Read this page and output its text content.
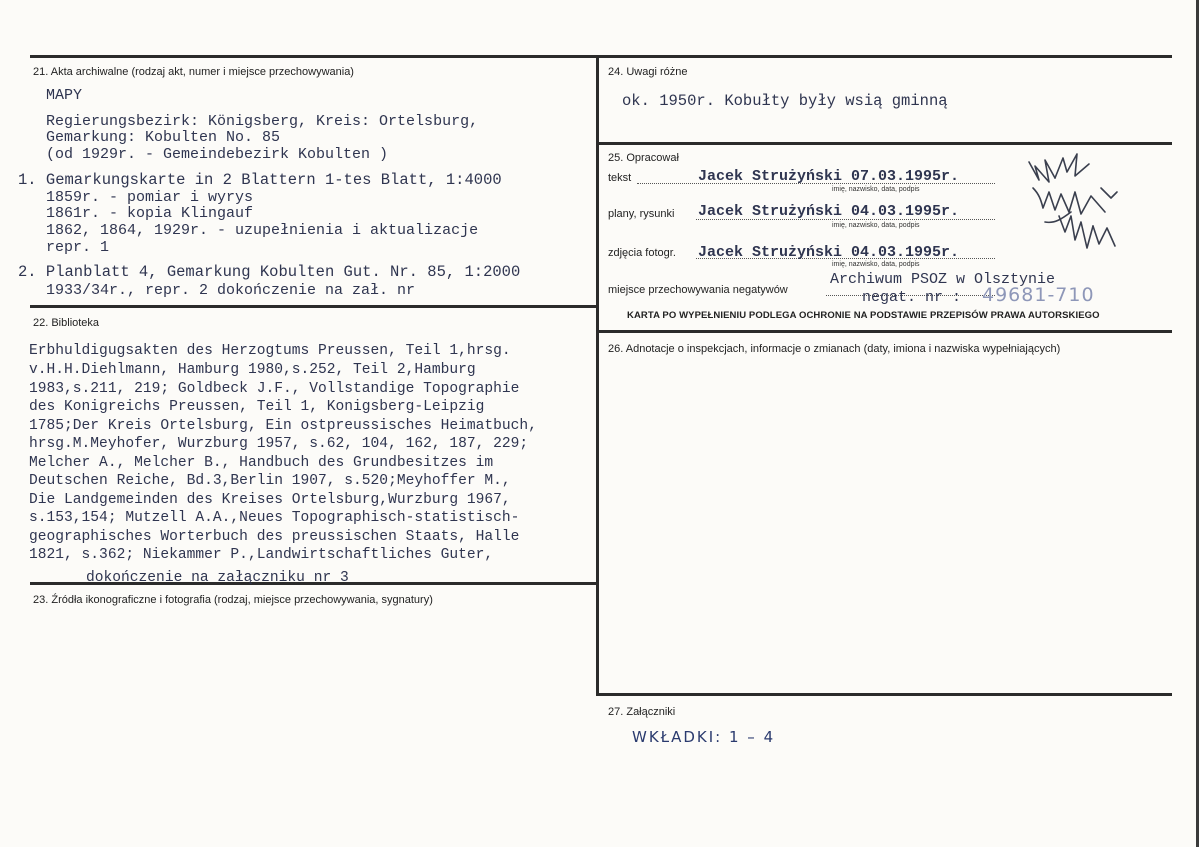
21. Akta archiwalne (rodzaj akt, numer i miejsce przechowywania)
MAPY
Regierungsbezirk: Königsberg, Kreis: Ortelsburg,
Gemarkung: Kobulten No. 85
(od 1929r. - Gemeindebezirk Kobulten )
1. Gemarkungskarte in 2 Blattern 1-tes Blatt, 1:4000
1859r. - pomiar i wyrys
1861r. - kopia Klingauf
1862, 1864, 1929r. - uzupełnienia i aktualizacje
repr. 1
2. Planblatt 4, Gemarkung Kobulten Gut. Nr. 85, 1:2000
1933/34r., repr. 2 dokończenie na zał. nr
22. Biblioteka
Erbhuldigugsakten des Herzogtums Preussen, Teil 1,hrsg.
v.H.H.Diehlmann, Hamburg 1980,s.252, Teil 2,Hamburg
1983,s.211, 219; Goldbeck J.F., Vollstandige Topographie
des Konigreichs Preussen, Teil 1, Konigsberg-Leipzig
1785;Der Kreis Ortelsburg, Ein ostpreussisches Heimatbuch,
hrsg.M.Meyhofer, Wurzburg 1957, s.62, 104, 162, 187, 229;
Melcher A., Melcher B., Handbuch des Grundbesitzes im
Deutschen Reiche, Bd.3,Berlin 1907, s.520;Meyhoffer M.,
Die Landgemeinden des Kreises Ortelsburg,Wurzburg 1967,
s.153,154; Mutzell A.A.,Neues Topographisch-statistisch-
geographisches Worterbuch des preussischen Staats, Halle
1821, s.362; Niekammer P.,Landwirtschaftliches Guter,
dokończenie na załączniku nr 3
23. Źródła ikonograficzne i fotografia (rodzaj, miejsce przechowywania, sygnatury)
24. Uwagi różne
ok. 1950r. Kobułty były wsią gminną
25. Opracował
tekst	Jacek Strużyński 07.03.1995r.
imię, nazwisko, data, podpis
plany, rysunki Jacek Strużyński 04.03.1995r.
imię, nazwisko, data, podpis
zdjęcia fotogr. Jacek Strużyński 04.03.1995r.
imię, nazwisko, data, podpis
miejsce przechowywania negatywów
Archiwum PSOZ w Olsztynie
negat. nr : 49681-710
KARTA PO WYPEŁNIENIU PODLEGA OCHRONIE NA PODSTAWIE PRZEPISÓW PRAWA AUTORSKIEGO
26. Adnotacje o inspekcjach, informacje o zmianach (daty, imiona i nazwiska wypełniających)
27. Załączniki
WKŁADKI: 1 – 4
